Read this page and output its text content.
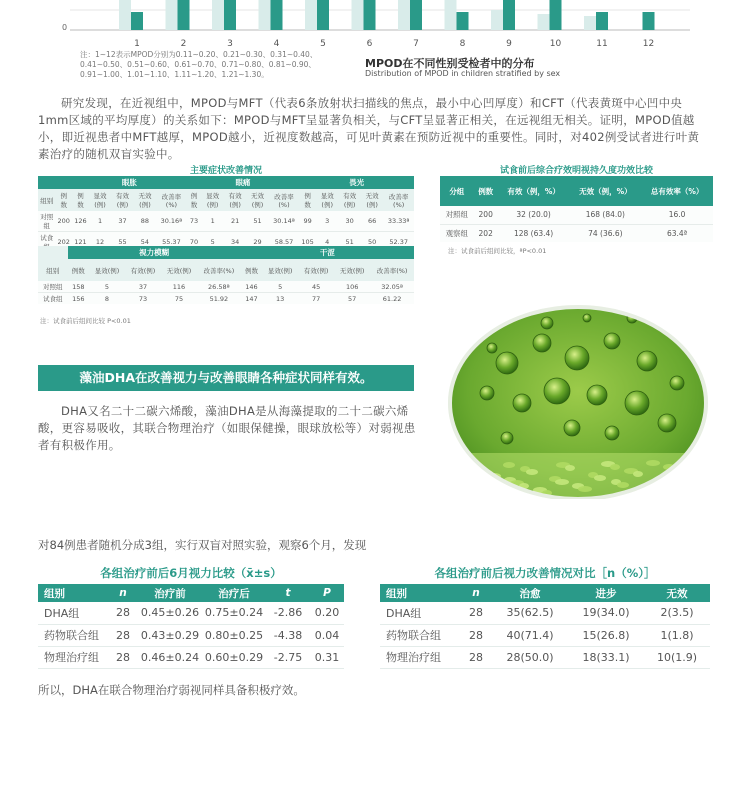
0
1	2	3	4	5	6	7	8	9	10	11	12
注：1~12表示MPOD分别为0.11~0.20、0.21~0.30、0.31~0.40、0.41~0.50、0.51~0.60、0.61~0.70、0.71~0.80、0.81~0.90、0.91~1.00、1.01~1.10、1.11~1.20、1.21~1.30。
MPOD在不同性别受检者中的分布
Distribution of MPOD in children stratified by sex

研究发现，在近视组中，MPOD与MFT（代表6条放射状扫描线的焦点，最小中心凹厚度）和CFT（代表黄斑中心凹中央1mm区域的平均厚度）的关系如下：MPOD与MFT呈显著负相关，与CFT呈显著正相关，在远视组无相关。证明，MPOD值越小，即近视患者中MFT越厚，MPOD越小，近视度数越高，可见叶黄素在预防近视中的重要性。同时，对402例受试者进行叶黄素治疗的随机双盲实验中。

主要症状改善情况
		眼胀					眼痛					畏光				
组别	例数	例数	显效(例)	有效(例)	无效(例)	改善率(%)	例数	显效(例)	有效(例)	无效(例)	改善率(%)	例数	显效(例)	有效(例)	无效(例)	改善率(%)
对照组	200	126	1	37	88	30.16ª	73	1	21	51	30.14ª	99	3	30	66	33.33ª
试食	202	121	12	55	54	55.37	70	5	34	29	58.57	105	4	51	50	52.37
	视力模糊					干涩				
组别	例数	显效(例)	有效(例)	无效(例)	改善率(%)	例数	显效(例)	有效(例)	无效(例)	改善率(%)
对照组	158	5	37	116	26.58ª	146	5	45	106	32.05ª
试食组	156	8	73	75	51.92	147	13	77	57	61.22
注：试食前后组间比较 P<0.01
试食前后综合疗效明视持久度功效比较
分组	例数	有效（例，%）	无效（例，%）	总有效率（%）
对照组	200	32 (20.0)	168 (84.0)	16.0
观察组	202	128 (63.4)	74 (36.6)	63.4ª
注：试食前后组间比较，ªP<0.01
藻油DHA在改善视力与改善眼睛各种症状同样有效。

DHA又名二十二碳六烯酸，藻油DHA是从海藻提取的二十二碳六烯酸，更容易吸收，其联合物理治疗（如眼保健操，眼球放松等）对弱视患者有积极作用。

对84例患者随机分成3组，实行双盲对照实验，观察6个月，发现
各组治疗前后6月视力比较（x̄±s）
组别	n	治疗前	治疗后	t	P
DHA组	28	0.45±0.26	0.75±0.24	-2.86	0.20
药物联合组	28	0.43±0.29	0.80±0.25	-4.38	0.04
物理治疗组	28	0.46±0.24	0.60±0.29	-2.75	0.31
各组治疗前后视力改善情况对比［n（%）］
组别	n	治愈	进步	无效
DHA组	28	35(62.5)	19(34.0)	2(3.5)
药物联合组	28	40(71.4)	15(26.8)	1(1.8)
物理治疗组	28	28(50.0)	18(33.1)	10(1.9)
所以，DHA在联合物理治疗弱视同样具备积极疗效。
